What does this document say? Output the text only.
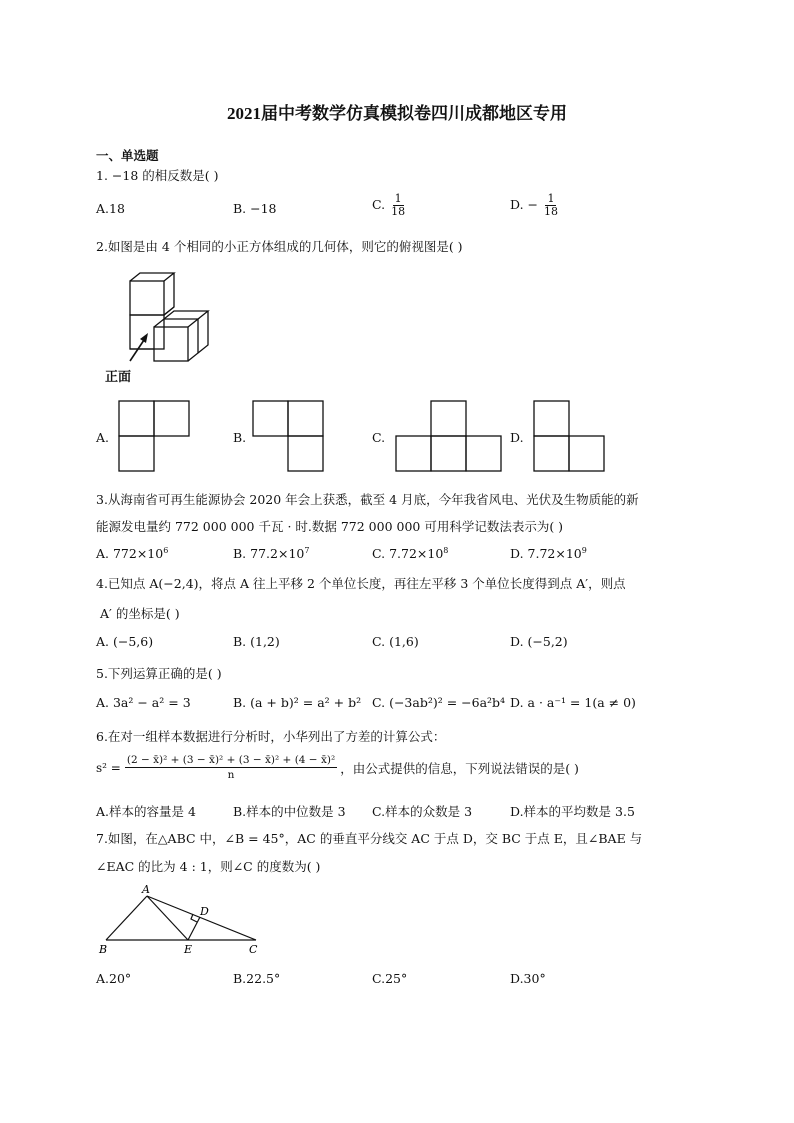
2021届中考数学仿真模拟卷四川成都地区专用
一、单选题
1. −18 的相反数是( )
A.18	B. −18	C. $\frac{1}{18}$	D. − $\frac{1}{18}$
2.如图是由 4 个相同的小正方体组成的几何体，则它的俯视图是( )
正面
A.	B.	C.	D.
3.从海南省可再生能源协会 2020 年会上获悉，截至 4 月底，今年我省风电、光伏及生物质能的新
能源发电量约 772 000 000 千瓦 · 时.数据 772 000 000 可用科学记数法表示为( )
A. $772\times 10^6$	B. $77.2\times 10^7$	C. $7.72\times 10^8$	D. $7.72\times 10^9$
4.已知点 A(−2,4)，将点 A 往上平移 2 个单位长度，再往左平移 3 个单位长度得到点 A′，则点
A′ 的坐标是( )
A. (−5,6)	B. (1,2)	C. (1,6)	D. (−5,2)
5.下列运算正确的是( )
A. 3a² − a² = 3	B. (a + b)² = a² + b² C. (−3ab²)² = −6a²b⁴ D. a · a⁻¹ = 1(a ≠ 0)
6.在对一组样本数据进行分析时，小华列出了方差的计算公式：
$s^2 = \frac{\text{(2 − x̄)² + (3 − x̄)² + (3 − x̄)² + (4 − x̄)²}}{n}$ ，由公式提供的信息，下列说法错误的是( )
A.样本的容量是 4	B.样本的中位数是 3 C.样本的众数是 3	D.样本的平均数是 3.5
7.如图，在△ABC 中，∠B = 45°，AC 的垂直平分线交 AC 于点 D，交 BC 于点 E，且∠BAE 与
∠EAC 的比为 4 : 1，则∠C 的度数为( )
A
B	C
D
E
A.20°	B.22.5°	C.25°	D.30°
